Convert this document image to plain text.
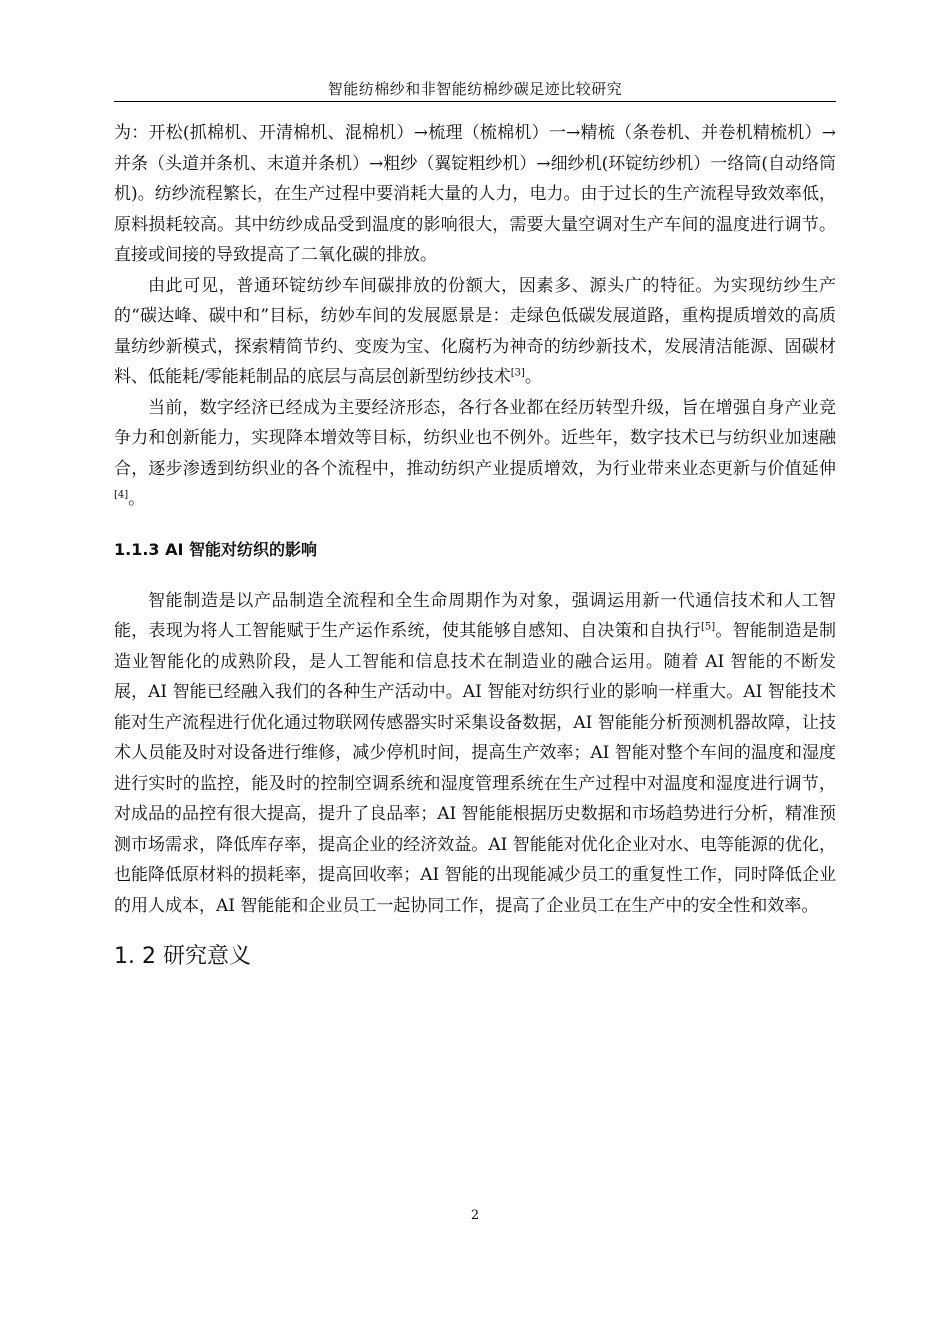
智能纺棉纱和非智能纺棉纱碳足迹比较研究

为：开松(抓棉机、开清棉机、混棉机）→梳理（梳棉机）一→精梳（条卷机、并卷机精梳机）→并条（头道并条机、末道并条机）→粗纱（翼锭粗纱机）→细纱机(环锭纺纱机）一络筒(自动络筒机)。纺纱流程繁长，在生产过程中要消耗大量的人力，电力。由于过长的生产流程导致效率低，原料损耗较高。其中纺纱成品受到温度的影响很大，需要大量空调对生产车间的温度进行调节。直接或间接的导致提高了二氧化碳的排放。

由此可见，普通环锭纺纱车间碳排放的份额大，因素多、源头广的特征。为实现纺纱生产的“碳达峰、碳中和”目标，纺妙车间的发展愿景是：走绿色低碳发展道路，重构提质增效的高质量纺纱新模式，探索精简节约、变废为宝、化腐朽为神奇的纺纱新技术，发展清洁能源、固碳材料、低能耗/零能耗制品的底层与高层创新型纺纱技术[3]。

当前，数字经济已经成为主要经济形态，各行各业都在经历转型升级，旨在增强自身产业竞争力和创新能力，实现降本增效等目标，纺织业也不例外。近些年，数字技术已与纺织业加速融合，逐步渗透到纺织业的各个流程中，推动纺织产业提质增效，为行业带来业态更新与价值延伸[4]。

1.1.3 AI 智能对纺织的影响

智能制造是以产品制造全流程和全生命周期作为对象，强调运用新一代通信技术和人工智能，表现为将人工智能赋于生产运作系统，使其能够自感知、自决策和自执行[5]。智能制造是制造业智能化的成熟阶段，是人工智能和信息技术在制造业的融合运用。随着 AI 智能的不断发展，AI 智能已经融入我们的各种生产活动中。AI 智能对纺织行业的影响一样重大。AI 智能技术能对生产流程进行优化通过物联网传感器实时采集设备数据，AI 智能能分析预测机器故障，让技术人员能及时对设备进行维修，减少停机时间，提高生产效率；AI 智能对整个车间的温度和湿度进行实时的监控，能及时的控制空调系统和湿度管理系统在生产过程中对温度和湿度进行调节，对成品的品控有很大提高，提升了良品率；AI 智能能根据历史数据和市场趋势进行分析，精准预测市场需求，降低库存率，提高企业的经济效益。AI 智能能对优化企业对水、电等能源的优化，也能降低原材料的损耗率，提高回收率；AI 智能的出现能减少员工的重复性工作，同时降低企业的用人成本，AI 智能能和企业员工一起协同工作，提高了企业员工在生产中的安全性和效率。

1. 2 研究意义
2
